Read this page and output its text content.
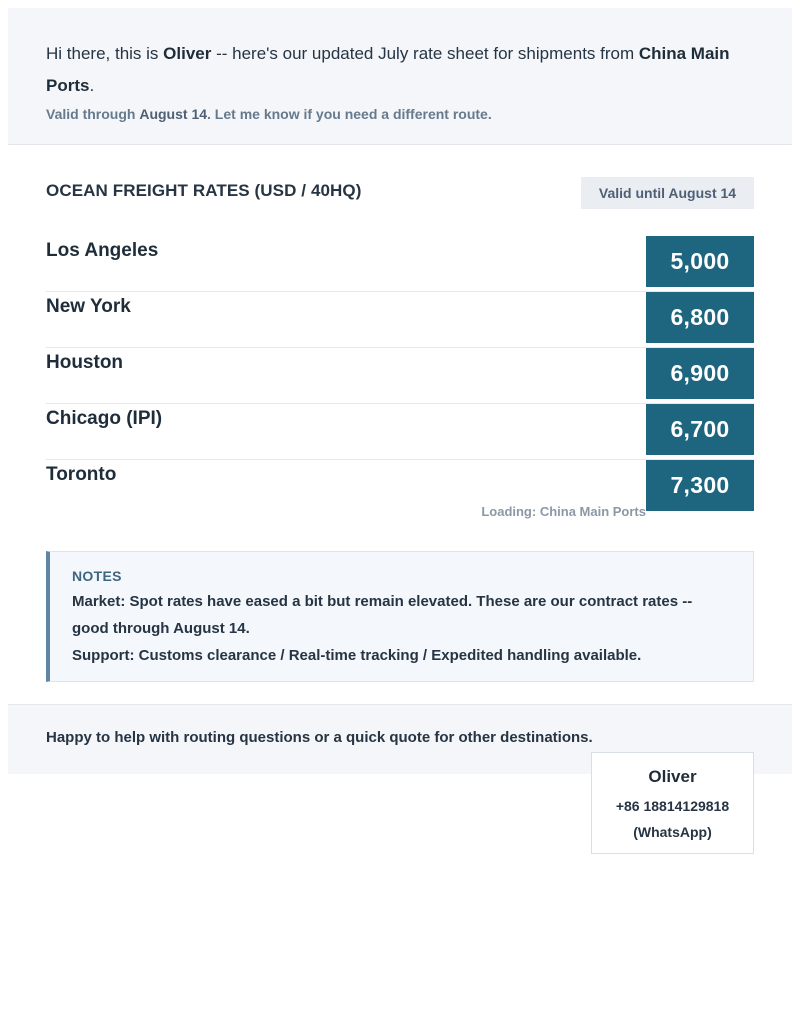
Hi there, this is Oliver -- here's our updated July rate sheet for shipments from China Main Ports.

Valid through August 14. Let me know if you need a different route.

OCEAN FREIGHT RATES (USD / 40HQ)	Valid until August 14
Los Angeles	5,000
New York	6,800
Houston	6,900
Chicago (IPI)	6,700
Toronto	7,300
Loading: China Main Ports
NOTES

Market: Spot rates have eased a bit but remain elevated. These are our contract rates -- good through August 14.

Support: Customs clearance / Real-time tracking / Expedited handling available.

Happy to help with routing questions or a quick quote for other destinations.

Oliver
+86 18814129818
(WhatsApp)
